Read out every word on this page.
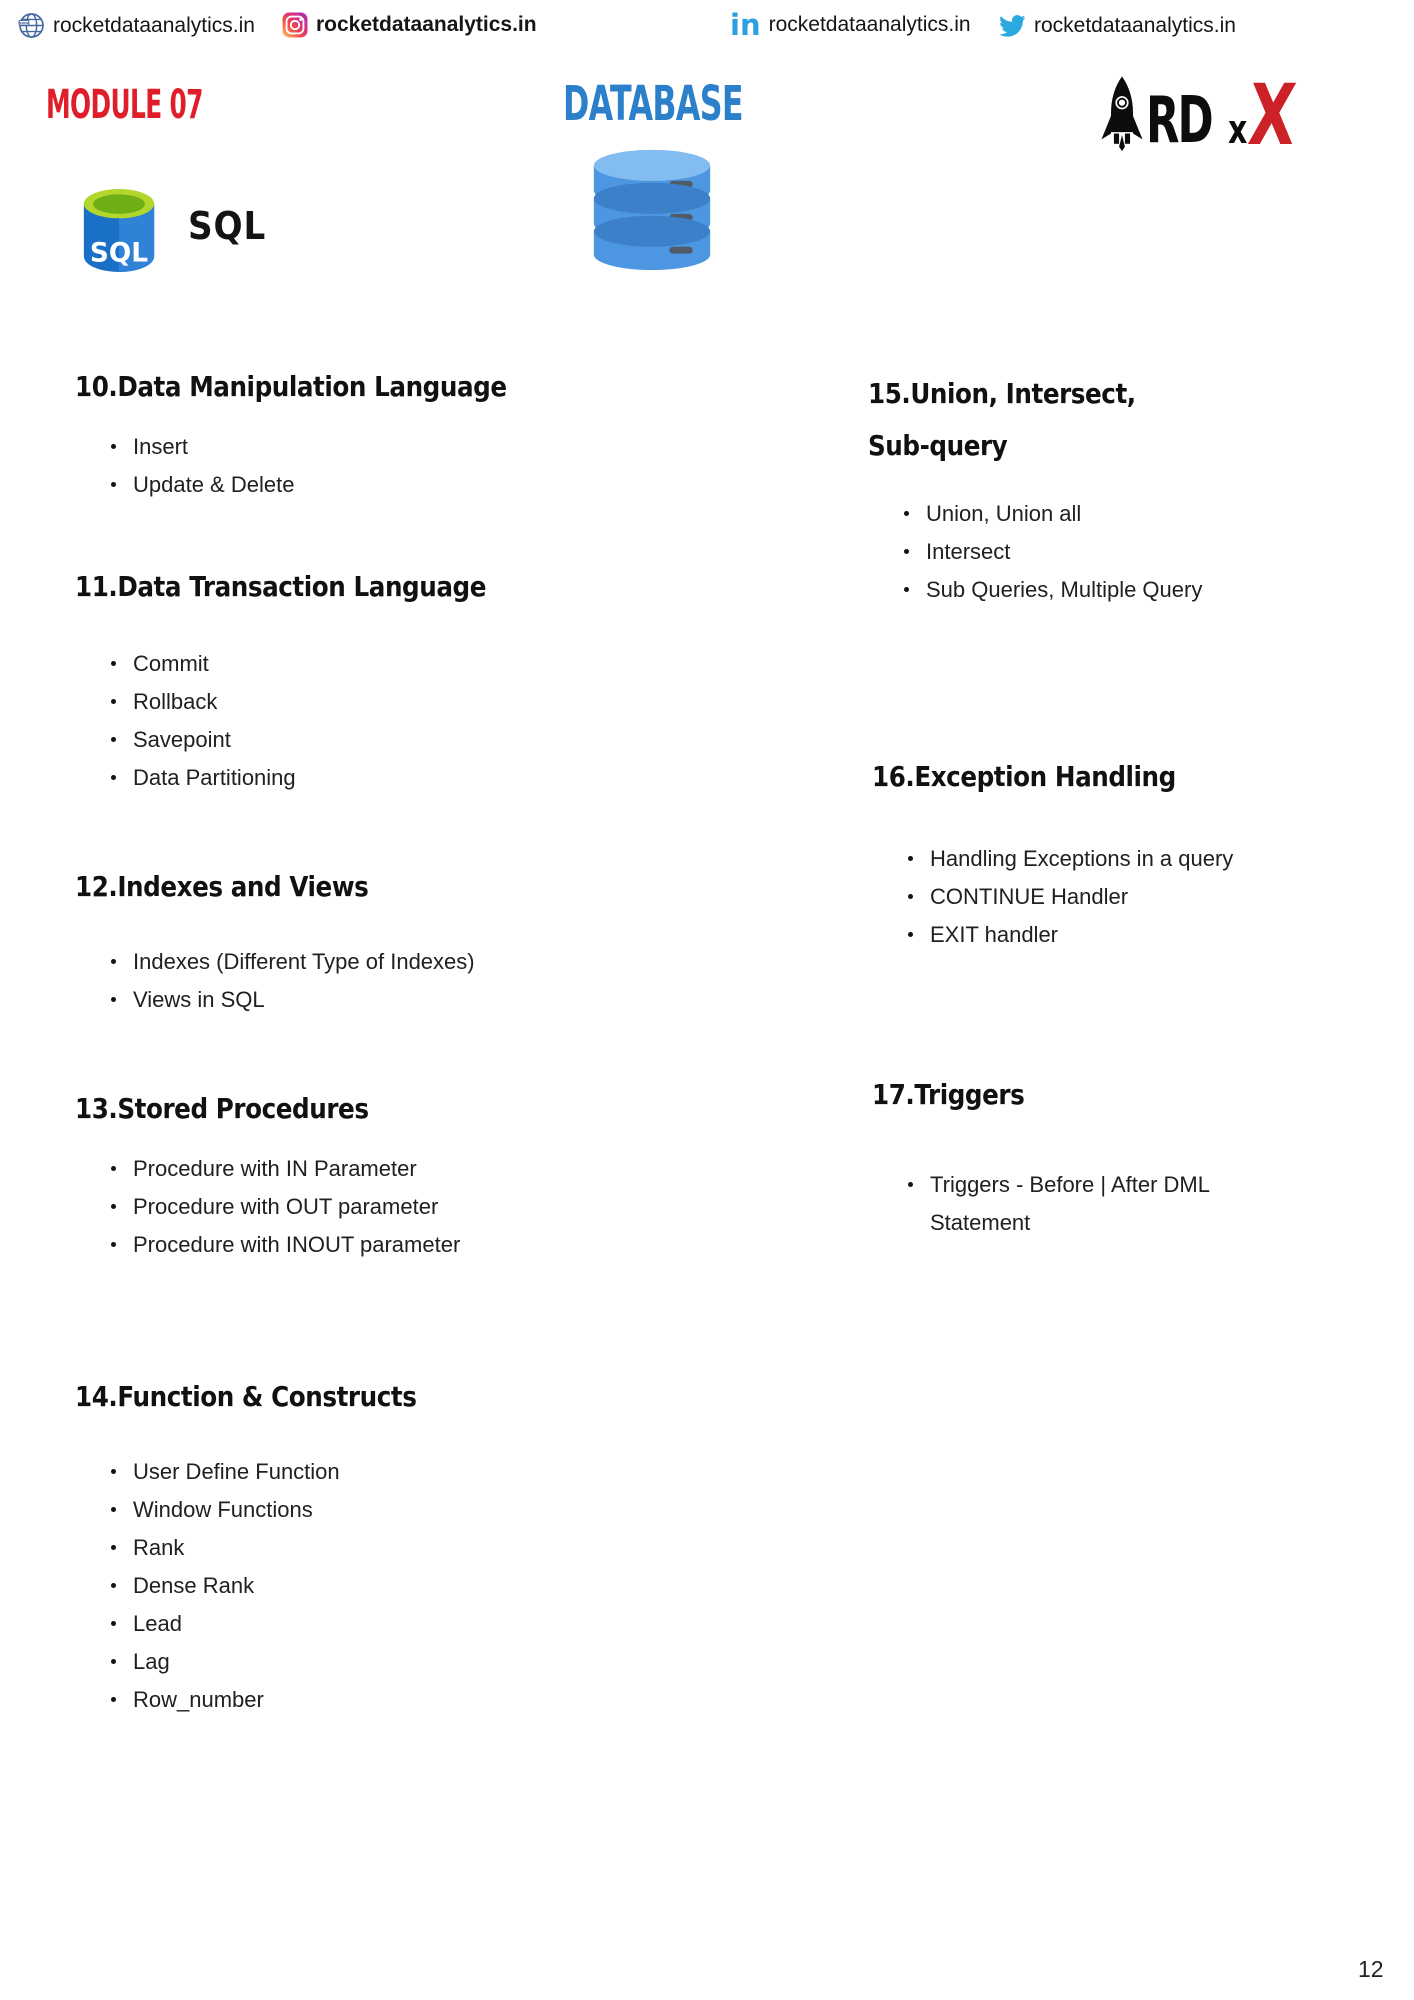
www. rocketdataanalytics.in	rocketdataanalytics.in	in rocketdataanalytics.in	rocketdataanalytics.in
MODULE 07	DATABASE	RD x
X
SQL
SQL
10.Data Manipulation Language
Insert
Update & Delete
11.Data Transaction Language
Commit
Rollback
Savepoint
Data Partitioning
12.Indexes and Views
Indexes (Different Type of Indexes)
Views in SQL
13.Stored Procedures
Procedure with IN Parameter
Procedure with OUT parameter
Procedure with INOUT parameter
14.Function & Constructs
User Define Function
Window Functions
Rank
Dense Rank
Lead
Lag
Row_number
15.Union, Intersect,
Sub-query
Union, Union all
Intersect
Sub Queries, Multiple Query
16.Exception Handling
Handling Exceptions in a query
CONTINUE Handler
EXIT handler
17.Triggers
Triggers - Before | After DML Statement
12
